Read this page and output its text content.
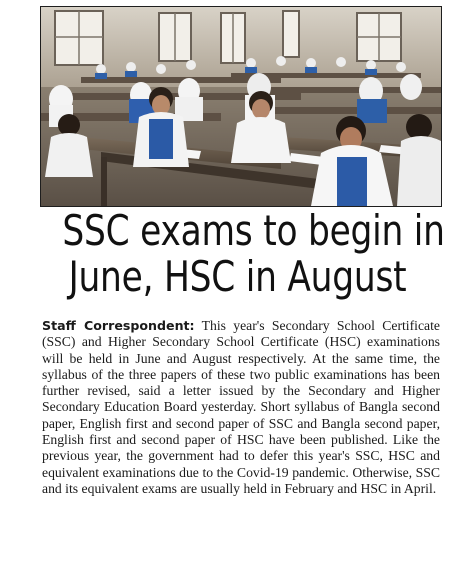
SSC exams to begin in
June, HSC in August

Staff Correspondent: This year's Secondary School Certificate (SSC) and Higher Secondary School Certificate (HSC) examinations will be held in June and August respectively. At the same time, the syllabus of the three papers of these two public examinations has been further revised, said a letter issued by the Secondary and Higher Secondary Education Board yesterday. Short syllabus of Bangla second paper, English first and second paper of SSC and Bangla second paper, English first and second paper of HSC have been published. Like the previous year, the government had to defer this year's SSC, HSC and equivalent examinations due to the Covid-19 pandemic. Otherwise, SSC and its equivalent exams are usually held in February and HSC in April.
